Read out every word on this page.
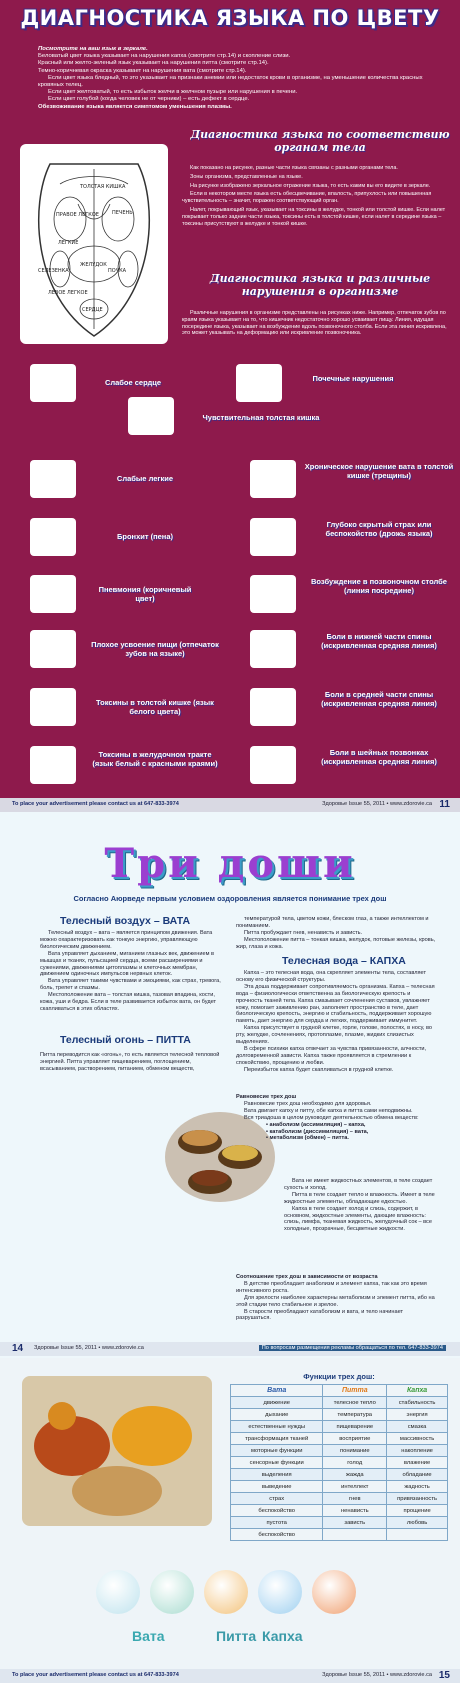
ДИАГНОСТИКА ЯЗЫКА ПО ЦВЕТУ

Посмотрите на ваш язык в зеркале.

Беловатый цвет языка указывает на нарушения капха (смотрите стр.14) и скопление слизи.

Красный или желто-зеленый язык указывает на нарушения питта (смотрите стр.14).

Темно-коричневая окраска указывает на нарушения вата (смотрите стр.14).

Если цвет языка бледный, то это указывает на признаки анемии или недостаток крови в организме, на уменьшение количества красных кровяных телец.

Если цвет желтоватый, то есть избыток желчи в желчном пузыре или нарушения в печени.

Если цвет голубой (когда человек не от черники) – есть дефект в сердце.

Обезвоживание языка является симптомом уменьшения плазмы.

ТОЛСТАЯ КИШКА
ПРАВОЕ ЛЕГКОЕ
СЕЛЕЗЕНКА	ПОЧКА
ПЕЧЕНЬ
ЖЕЛУДОК
ЛЕВОЕ ЛЕГКОЕ
СЕРДЦЕ
ЛЕГКИЕ
Диагностика языка по соответствию органам тела

Как показано на рисунке, разные части языка связаны с разными органами тела.

Зоны организма, представленные на языке.

На рисунке изображено зеркальное отражение языка, то есть каким вы его видите в зеркале.

Если в некотором месте языка есть обесцвечивание, впалость, припухлость или повышенная чувствительность – значит, поражен соответствующий орган.

Налет, покрывающий язык, указывает на токсины в желудке, тонкой или толстой кишке. Если налет покрывает только задние части языка, токсины есть в толстой кишке, если налет в середине языка – токсины присутствуют в желудке и тонкой кишке.

Диагностика языка и различные нарушения в организме
Различные нарушения в организме представлены на рисунках ниже. Например, отпечаток зубов по краям языка указывает на то, что кишечник недостаточно хорошо усваивает пищу. Линия, идущая посередине языка, указывает на возбуждение вдоль позвоночного столба. Если эта линия искривлена, это может указывать на деформацию или искривление позвоночника.
Слабое сердце	Почечные нарушения
Чувствительная толстая кишка
Слабые легкие
Бронхит (пена)
Пневмония (коричневый цвет)
Плохое усвоение пищи (отпечаток зубов на языке)
Токсины в толстой кишке (язык белого цвета)
Токсины в желудочном тракте (язык белый с красными краями)
Хроническое нарушение вата в толстой кишке (трещины)
Глубоко скрытый страх или беспокойство (дрожь языка)
Возбуждение в позвоночном столбе (линия посредине)
Боли в нижней части спины (искривленная средняя линия)
Боли в средней части спины (искривленная средняя линия)
Боли в шейных позвонках (искривленная средняя линия)
To place your advertisement please contact us at 647-833-3974	Здоровье Issue 55, 2011 • www.zdorovie.ca 11
Три доши
Согласно Аюрведе первым условием оздоровления является понимание трех дош
Телесный воздух – ВАТА

Телесный воздух – вата – является принципом движения. Вата можно охарактеризовать как тонкую энергию, управляющую биологическим движением.

Вата управляет дыханием, миганием глазных век, движением в мышцах и тканях, пульсацией сердца, всеми расширениями и сужениями, движениями цитоплазмы и клеточных мембран, движением одиночных импульсов нервных клеток.

Вата управляет такими чувствами и эмоциями, как страх, тревога, боль, трепет и спазмы.

Местоположение вата – толстая кишка, тазовая впадина, кости, кожа, уши и бедра. Если в теле развивается избыток вата, он будет скапливаться в этих областях.

Телесный огонь – ПИТТА
Питта переводится как «огонь», то есть является телесной тепловой энергией. Питта управляет пищеварением, поглощением, всасыванием, растворением, питанием, обменом веществ,

температурой тела, цветом кожи, блеском глаз, а также интеллектом и пониманием.

Питта пробуждает гнев, ненависть и зависть.

Местоположение питта – тонкая кишка, желудок, потовые железы, кровь, жир, глаза и кожа.

Телесная вода – КАПХА

Капха – это телесная вода, она скрепляет элементы тела, составляет основу его физической структуры.

Эта доша поддерживает сопротивляемость организма. Капха – телесная вода – физиологически ответственна за биологическую крепость и прочность тканей тела. Капха смазывает сочленения суставов, увлажняет кожу, помогает заживлению ран, заполняет пространство в теле, дает биологическую крепость, энергию и стабильность, поддерживает хорошую память, дает энергию для сердца и легких, поддерживает иммунитет.

Капха присутствует в грудной клетке, горле, голове, полостях, в носу, во рту, желудке, сочленениях, протоплазме, плазме, жидких слизистых выделениях.

В сфере психики капха отвечает за чувства привязанности, алчности, долговременной зависти. Капха также проявляется в стремлении к спокойствию, прощению и любви.

Переизбыток капха будет скапливаться в грудной клетке.

Равновесие трех дош

Равновесие трех дош необходимо для здоровья.

Вата двигает капху и питту, обе капха и питта сами неподвижны.

Вся триадоша в целом руководит деятельностью обмена веществ:

• анаболизм (ассимиляция) – капха,

• катаболизм (диссимиляция) – вата,

• метаболизм (обмен) – питта.

Вата не имеет жидкостных элементов, в теле создает сухость и холод.

Питта в теле создает тепло и влажность. Имеет в теле жидкостные элементы, обладающие едкостью.

Капха в теле создает холод и слизь, содержит, в основном, жидкостные элементы, дающие влажность: слизь, лимфа, тканевая жидкость, желудочный сок – все холодные, прозрачные, бесцветные жидкости.

Соотношение трех дош в зависимости от возраста

В детстве преобладает анаболизм и элемент капха, так как это время интенсивного роста.

Для зрелости наиболее характерны метаболизм и элемент питта, ибо на этой стадии тело стабильное и зрелое.

В старости преобладают катаболизм и вата, и тело начинает разрушаться.

14 Здоровье Issue 55, 2011 • www.zdorovie.ca	По вопросам размещения рекламы обращаться по тел. 647-833-3974
Функции трех дош:
Вата	Питта	Капха
движение	телесное тепло	стабильность
дыхание	температура	энергия
естественные нужды	пищеварение	смазка
трансформация тканей	восприятие	массивность
моторные функции	понимание	накопление
сенсорные функции	голод	влажение
выделения	жажда	обладание
выведение	интеллект	жадность
страх	гнев	привязанность
беспокойство	ненависть	прощение
пустота	зависть	любовь
беспокойство		
Вата	Питта Капха
To place your advertisement please contact us at 647-833-3974	Здоровье Issue 55, 2011 • www.zdorovie.ca 15
